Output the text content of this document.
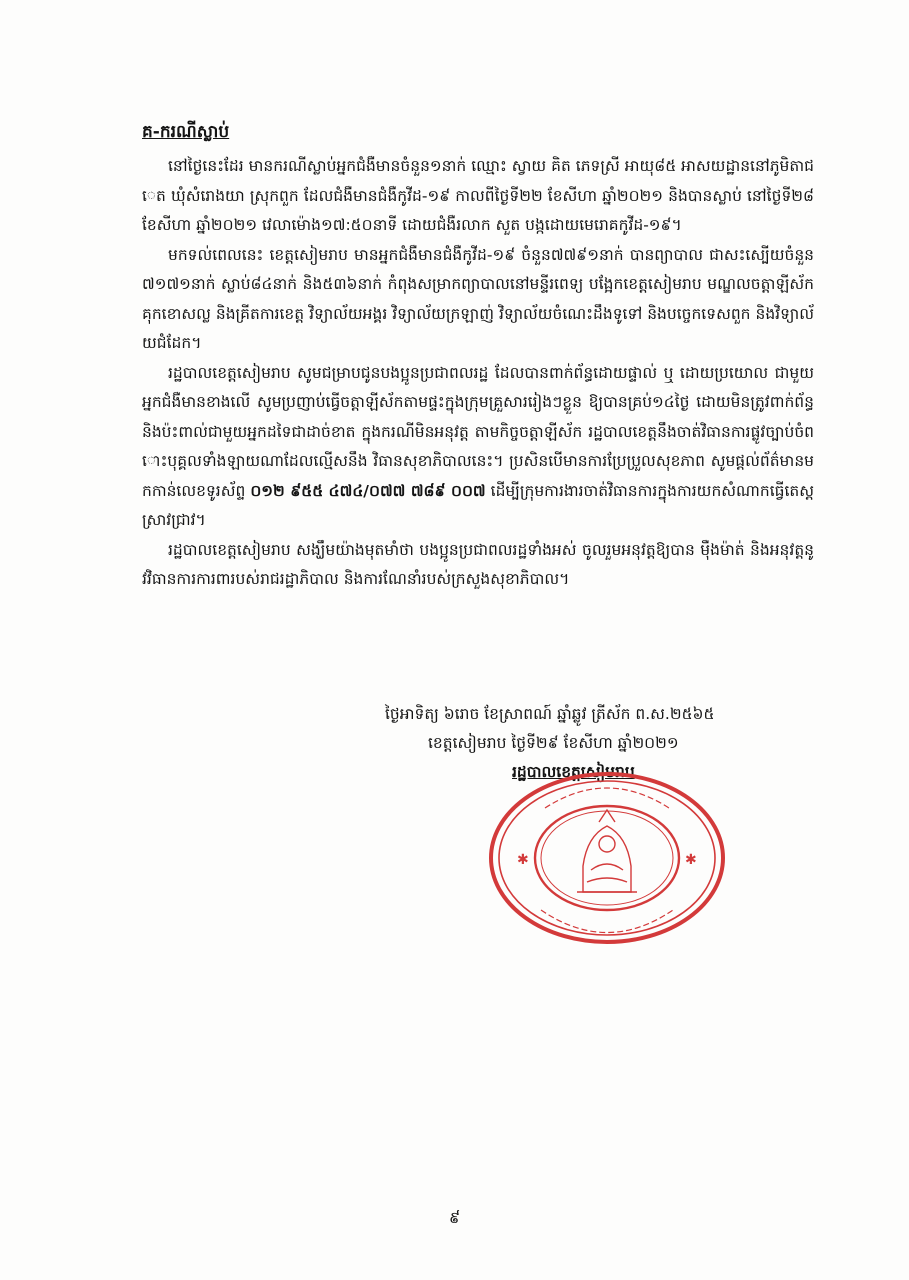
គ-ករណីស្លាប់

នៅថ្ងៃនេះដែរ មានករណីស្លាប់អ្នកជំងឺមានចំនួន១នាក់ ឈ្មោះ ស្វាយ គិត ភេទស្រី អាយុ៨៥ អាសយដ្ឋាននៅភូមិតាជេត ឃុំសំរោងយា ស្រុកពួក ដែលជំងឺមានជំងឺកូវីដ-១៩ កាលពីថ្ងៃទី២២ ខែសីហា ឆ្នាំ២០២១ និងបានស្លាប់ នៅថ្ងៃទី២៨ ខែសីហា ឆ្នាំ២០២១ វេលាម៉ោង១៧:៥០នាទី ដោយជំងឺរលាក សួត បង្កដោយមេរោគកូវីដ-១៩។

មកទល់ពេលនេះ ខេត្តសៀមរាប មានអ្នកជំងឺមានជំងឺកូវីដ-១៩ ចំនួន៧៧៩១នាក់ បានព្យាបាល ជាសះស្បើយចំនួន៧១៧១នាក់ ស្លាប់៨៤នាក់ និង៥៣៦នាក់ កំពុងសម្រាកព្យាបាលនៅមន្ទីរពេទ្យ បង្អែកខេត្តសៀមរាប មណ្ឌលចត្តាឡីស័កគុកខោសល្ល និងគ្រីតការខេត្ត វិទ្យាល័យអង្គរ វិទ្យាល័យក្រឡាញ់ វិទ្យាល័យចំណេះដឹងទូទៅ និងបច្ចេកទេសពួក និងវិទ្យាល័យជំដែក។

រដ្ឋបាលខេត្តសៀមរាប សូមជម្រាបជូនបងប្អូនប្រជាពលរដ្ឋ ដែលបានពាក់ព័ន្ធដោយផ្ទាល់ ឬ ដោយប្រយោល ជាមួយអ្នកជំងឺមានខាងលើ សូមប្រញាប់ធ្វើចត្តាឡីស័កតាមផ្ទះក្នុងក្រុមគ្រួសាររៀងៗខ្លួន ឱ្យបានគ្រប់១៤ថ្ងៃ ដោយមិនត្រូវពាក់ព័ន្ធ និងប៉ះពាល់ជាមួយអ្នកដទៃជាដាច់ខាត ក្នុងករណីមិនអនុវត្ត តាមកិច្ចចត្តាឡីស័ក រដ្ឋបាលខេត្តនឹងចាត់វិធានការផ្លូវច្បាប់ចំពោះបុគ្គលទាំងឡាយណាដែលល្មើសនឹង វិធានសុខាភិបាលនេះ។ ប្រសិនបើមានការប្រែប្រួលសុខភាព សូមផ្តល់ព័ត៌មានមកកាន់លេខទូរស័ព្ទ ០១២ ៩៥៥ ៤៧៤/០៧៧ ៧៨៩ ០០៧ ដើម្បីក្រុមការងារចាត់វិធានការក្នុងការយកសំណាកធ្វើតេស្ត ស្រាវជ្រាវ។

រដ្ឋបាលខេត្តសៀមរាប សង្ឃឹមយ៉ាងមុតមាំថា បងប្អូនប្រជាពលរដ្ឋទាំងអស់ ចូលរួមអនុវត្តឱ្យបាន ម៉ឺងម៉ាត់ និងអនុវត្តនូវវិធានការការពារបស់រាជរដ្ឋាភិបាល និងការណែនាំរបស់ក្រសួងសុខាភិបាល។

ថ្ងៃអាទិត្យ ៦រោច ខែស្រាពណ៍ ឆ្នាំឆ្លូវ ត្រីស័ក ព.ស.២៥៦៥
ខេត្តសៀមរាប ថ្ងៃទី២៩ ខែសីហា ឆ្នាំ២០២១
រដ្ឋបាលខេត្តសៀមរាប
✱	✱
៩
